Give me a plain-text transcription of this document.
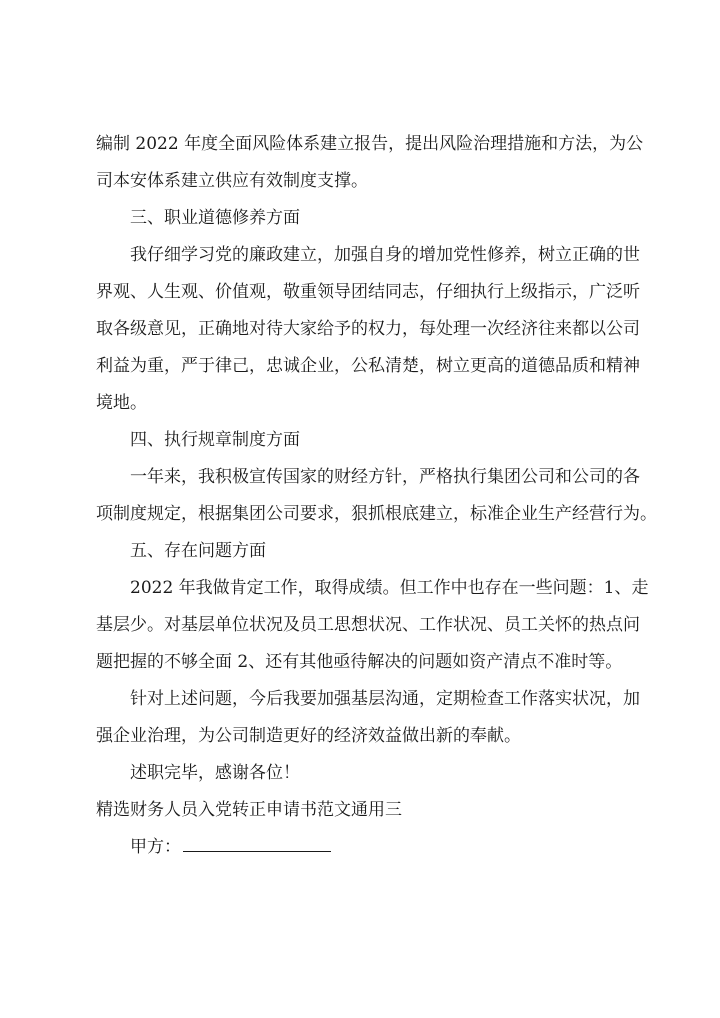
编制 2022 年度全面风险体系建立报告，提出风险治理措施和方法，为公
司本安体系建立供应有效制度支撑。
三、职业道德修养方面
我仔细学习党的廉政建立，加强自身的增加党性修养，树立正确的世
界观、人生观、价值观，敬重领导团结同志，仔细执行上级指示，广泛听
取各级意见，正确地对待大家给予的权力，每处理一次经济往来都以公司
利益为重，严于律己，忠诚企业，公私清楚，树立更高的道德品质和精神
境地。
四、执行规章制度方面
一年来，我积极宣传国家的财经方针，严格执行集团公司和公司的各
项制度规定，根据集团公司要求，狠抓根底建立，标准企业生产经营行为。
五、存在问题方面
2022 年我做肯定工作，取得成绩。但工作中也存在一些问题：1、走
基层少。对基层单位状况及员工思想状况、工作状况、员工关怀的热点问
题把握的不够全面 2、还有其他亟待解决的问题如资产清点不准时等。
针对上述问题，今后我要加强基层沟通，定期检查工作落实状况，加
强企业治理，为公司制造更好的经济效益做出新的奉献。
述职完毕，感谢各位！
精选财务人员入党转正申请书范文通用三
甲方：
